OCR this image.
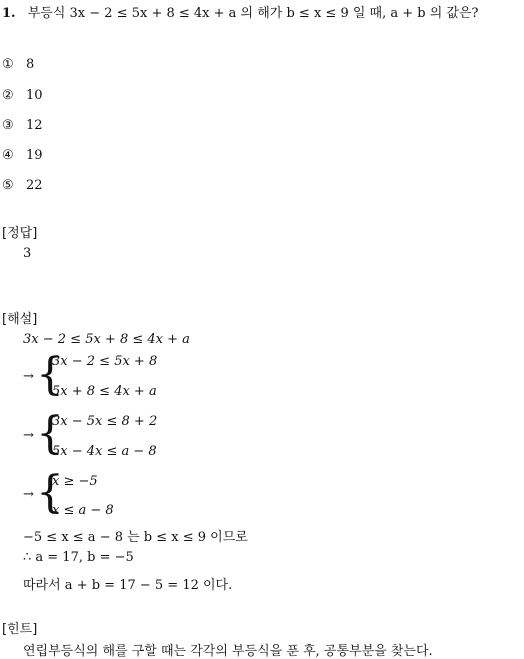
1. 부등식 3x − 2 ≤ 5x + 8 ≤ 4x + a 의 해가 b ≤ x ≤ 9 일 때, a + b 의 값은?
① 8
② 10
③ 12
④ 19
⑤ 22
[정답]
3
[해설]
3x − 2 ≤ 5x + 8 ≤ 4x + a
→ {
3x − 2 ≤ 5x + 8
5x + 8 ≤ 4x + a
→ {
3x − 5x ≤ 8 + 2
5x − 4x ≤ a − 8
→ {
x ≥ −5
x ≤ a − 8
−5 ≤ x ≤ a − 8 는 b ≤ x ≤ 9 이므로
∴ a = 17, b = −5
따라서 a + b = 17 − 5 = 12 이다.
[힌트]
연립부등식의 해를 구할 때는 각각의 부등식을 푼 후, 공통부분을 찾는다.
